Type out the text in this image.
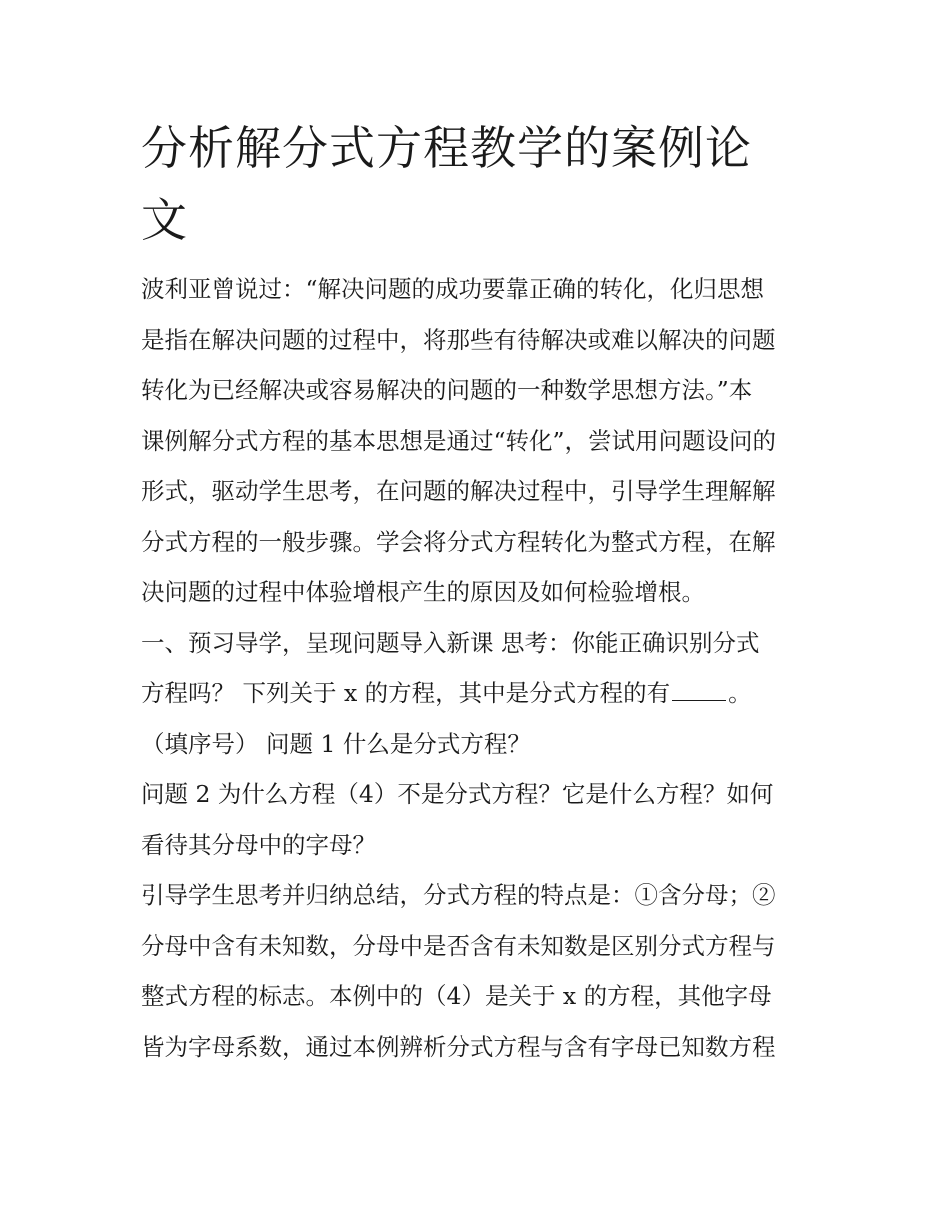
分析解分式方程教学的案例论
文

波利亚曾说过：“解决问题的成功要靠正确的转化，化归思想
是指在解决问题的过程中，将那些有待解决或难以解决的问题
转化为已经解决或容易解决的问题的一种数学思想方法。”本
课例解分式方程的基本思想是通过“转化”，尝试用问题设问的
形式，驱动学生思考，在问题的解决过程中，引导学生理解解
分式方程的一般步骤。学会将分式方程转化为整式方程，在解
决问题的过程中体验增根产生的原因及如何检验增根。

一、预习导学，呈现问题导入新课 思考：你能正确识别分式
方程吗？ 下列关于 x 的方程，其中是分式方程的有 。
（填序号） 问题 1 什么是分式方程？

问题 2 为什么方程（4）不是分式方程？它是什么方程？如何
看待其分母中的字母？

引导学生思考并归纳总结，分式方程的特点是：①含分母；②
分母中含有未知数，分母中是否含有未知数是区别分式方程与
整式方程的标志。本例中的（4）是关于 x 的方程，其他字母
皆为字母系数，通过本例辨析分式方程与含有字母已知数方程
